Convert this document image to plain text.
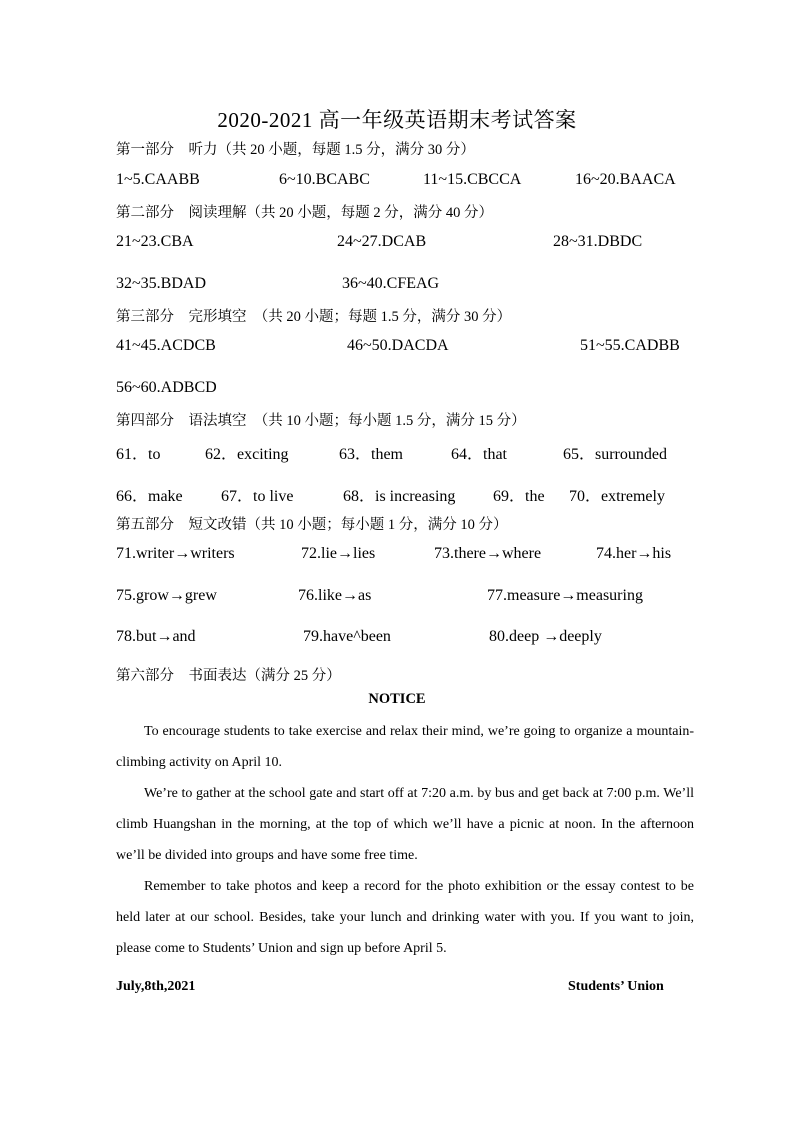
2020-2021 高一年级英语期末考试答案
第一部分　听力（共 20 小题，每题 1.5 分，满分 30 分）
1~5.CAABB	6~10.BCABC	11~15.CBCCA	16~20.BAACA
第二部分　阅读理解（共 20 小题，每题 2 分，满分 40 分）
21~23.CBA	24~27.DCAB	28~31.DBDC
32~35.BDAD	36~40.CFEAG
第三部分　完形填空　（共 20 小题；每题 1.5 分，满分 30 分）
41~45.ACDCB	46~50.DACDA	51~55.CADBB
56~60.ADBCD
第四部分　语法填空　（共 10 小题；每小题 1.5 分，满分 15 分）
61．to	62．exciting	63．them	64．that	65．surrounded
66．make 67．to live	68．is increasing 69．the 70．extremely
第五部分　短文改错（共 10 小题；每小题 1 分，满分 10 分）
71.writer→writers	72.lie→lies	73.there→where	74.her→his
75.grow→grew	76.like→as	77.measure→measuring
78.but→and	79.have^been	80.deep →deeply
第六部分　书面表达（满分 25 分）
NOTICE

To encourage students to take exercise and relax their mind, we’re going to organize a mountain-climbing activity on April 10.

We’re to gather at the school gate and start off at 7:20 a.m. by bus and get back at 7:00 p.m. We’ll climb Huangshan in the morning, at the top of which we’ll have a picnic at noon. In the afternoon we’ll be divided into groups and have some free time.

Remember to take photos and keep a record for the photo exhibition or the essay contest to be held later at our school. Besides, take your lunch and drinking water with you. If you want to join, please come to Students’ Union and sign up before April 5.

July,8th,2021	Students’ Union
